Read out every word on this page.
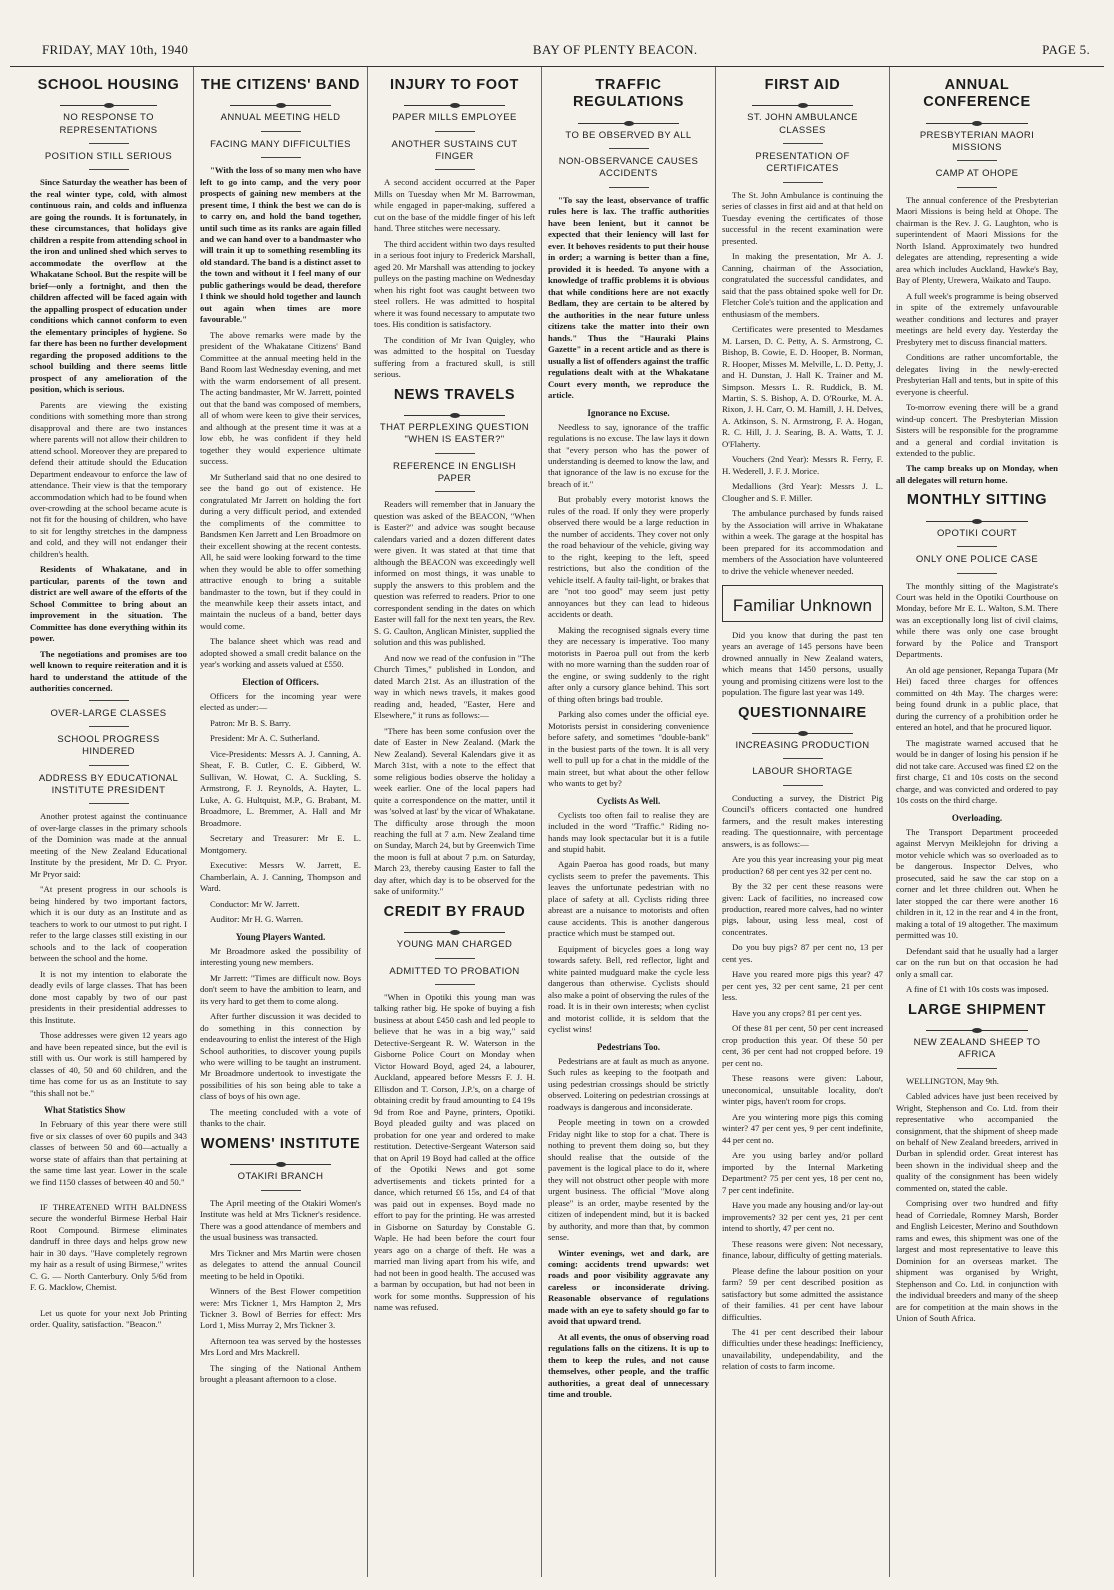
FRIDAY, MAY 10th, 1940	BAY OF PLENTY BEACON.	PAGE 5.
SCHOOL HOUSING
NO RESPONSE TO REPRESENTATIONS
POSITION STILL SERIOUS

Since Saturday the weather has been of the real winter type, cold, with almost continuous rain, and colds and influenza are going the rounds. It is fortunately, in these circumstances, that holidays give children a respite from attending school in the iron and unlined shed which serves to accommodate the overflow at the Whakatane School. But the respite will be brief—only a fortnight, and then the children affected will be faced again with the appalling prospect of education under conditions which cannot conform to even the elementary principles of hygiene. So far there has been no further development regarding the proposed additions to the school building and there seems little prospect of any amelioration of the position, which is serious.

Parents are viewing the existing conditions with something more than strong disapproval and there are two instances where parents will not allow their children to attend school. Moreover they are prepared to defend their attitude should the Education Department endeavour to enforce the law of attendance. Their view is that the temporary accommodation which had to be found when over-crowding at the school became acute is not fit for the housing of children, who have to sit for lengthy stretches in the dampness and cold, and they will not endanger their children's health.

Residents of Whakatane, and in particular, parents of the town and district are well aware of the efforts of the School Committee to bring about an improvement in the situation. The Committee has done everything within its power.

The negotiations and promises are too well known to require reiteration and it is hard to understand the attitude of the authorities concerned.

OVER-LARGE CLASSES
SCHOOL PROGRESS HINDERED
ADDRESS BY EDUCATIONAL INSTITUTE PRESIDENT

Another protest against the continuance of over-large classes in the primary schools of the Dominion was made at the annual meeting of the New Zealand Educational Institute by the president, Mr D. C. Pryor. Mr Pryor said:

"At present progress in our schools is being hindered by two important factors, which it is our duty as an Institute and as teachers to work to our utmost to put right. I refer to the large classes still existing in our schools and to the lack of cooperation between the school and the home.

It is not my intention to elaborate the deadly evils of large classes. That has been done most capably by two of our past presidents in their presidential addresses to this Institute.

Those addresses were given 12 years ago and have been repeated since, but the evil is still with us. Our work is still hampered by classes of 40, 50 and 60 children, and the time has come for us as an Institute to say "this shall not be."

What Statistics Show

In February of this year there were still five or six classes of over 60 pupils and 343 classes of between 50 and 60—actually a worse state of affairs than that pertaining at the same time last year. Lower in the scale we find 1150 classes of between 40 and 50."

IF THREATENED WITH BALDNESS secure the wonderful Birmese Herbal Hair Root Compound. Birmese eliminates dandruff in three days and helps grow new hair in 30 days. "Have completely regrown my hair as a result of using Birmese," writes C. G. — North Canterbury. Only 5/6d from F. G. Macklow, Chemist.

Let us quote for your next Job Printing order. Quality, satisfaction. "Beacon."

THE CITIZENS' BAND
ANNUAL MEETING HELD
FACING MANY DIFFICULTIES

"With the loss of so many men who have left to go into camp, and the very poor prospects of gaining new members at the present time, I think the best we can do is to carry on, and hold the band together, until such time as its ranks are again filled and we can hand over to a bandmaster who will train it up to something resembling its old standard. The band is a distinct asset to the town and without it I feel many of our public gatherings would be dead, therefore I think we should hold together and launch out again when times are more favourable."

The above remarks were made by the president of the Whakatane Citizens' Band Committee at the annual meeting held in the Band Room last Wednesday evening, and met with the warm endorsement of all present. The acting bandmaster, Mr W. Jarrett, pointed out that the band was composed of members, all of whom were keen to give their services, and although at the present time it was at a low ebb, he was confident if they held together they would experience ultimate success.

Mr Sutherland said that no one desired to see the band go out of existence. He congratulated Mr Jarrett on holding the fort during a very difficult period, and extended the compliments of the committee to Bandsmen Ken Jarrett and Len Broadmore on their excellent showing at the recent contests. All, he said were looking forward to the time when they would be able to offer something attractive enough to bring a suitable bandmaster to the town, but if they could in the meanwhile keep their assets intact, and maintain the nucleus of a band, better days would come.

The balance sheet which was read and adopted showed a small credit balance on the year's working and assets valued at £550.

Election of Officers.

Officers for the incoming year were elected as under:—

Patron: Mr B. S. Barry.

President: Mr A. C. Sutherland.

Vice-Presidents: Messrs A. J. Canning, A. Sheat, F. B. Cutler, C. E. Gibberd, W. Sullivan, W. Howat, C. A. Suckling, S. Armstrong, F. J. Reynolds, A. Hayter, L. Luke, A. G. Hultquist, M.P., G. Brabant, M. Broadmore, L. Bremmer, A. Hall and Mr Broadmore.

Secretary and Treasurer: Mr E. L. Montgomery.

Executive: Messrs W. Jarrett, E. Chamberlain, A. J. Canning, Thompson and Ward.

Conductor: Mr W. Jarrett.

Auditor: Mr H. G. Warren.

Young Players Wanted.

Mr Broadmore asked the possibility of interesting young new members.

Mr Jarrett: "Times are difficult now. Boys don't seem to have the ambition to learn, and its very hard to get them to come along.

After further discussion it was decided to do something in this connection by endeavouring to enlist the interest of the High School authorities, to discover young pupils who were willing to be taught an instrument. Mr Broadmore undertook to investigate the possibilities of his son being able to take a class of boys of his own age.

The meeting concluded with a vote of thanks to the chair.

WOMENS' INSTITUTE
OTAKIRI BRANCH

The April meeting of the Otakiri Women's Institute was held at Mrs Tickner's residence. There was a good attendance of members and the usual business was transacted.

Mrs Tickner and Mrs Martin were chosen as delegates to attend the annual Council meeting to be held in Opotiki.

Winners of the Best Flower competition were: Mrs Tickner 1, Mrs Hampton 2, Mrs Tickner 3. Bowl of Berries for effect: Mrs Lord 1, Miss Murray 2, Mrs Tickner 3.

Afternoon tea was served by the hostesses Mrs Lord and Mrs Mackrell.

The singing of the National Anthem brought a pleasant afternoon to a close.

INJURY TO FOOT
PAPER MILLS EMPLOYEE
ANOTHER SUSTAINS CUT FINGER

A second accident occurred at the Paper Mills on Tuesday when Mr M. Barrowman, while engaged in paper-making, suffered a cut on the base of the middle finger of his left hand. Three stitches were necessary.

The third accident within two days resulted in a serious foot injury to Frederick Marshall, aged 20. Mr Marshall was attending to jockey pulleys on the pasting machine on Wednesday when his right foot was caught between two steel rollers. He was admitted to hospital where it was found necessary to amputate two toes. His condition is satisfactory.

The condition of Mr Ivan Quigley, who was admitted to the hospital on Tuesday suffering from a fractured skull, is still serious.

NEWS TRAVELS
THAT PERPLEXING QUESTION "WHEN IS EASTER?"
REFERENCE IN ENGLISH PAPER

Readers will remember that in January the question was asked of the BEACON, "When is Easter?" and advice was sought because calendars varied and a dozen different dates were given. It was stated at that time that although the BEACON was exceedingly well informed on most things, it was unable to supply the answers to this problem and the question was referred to readers. Prior to one correspondent sending in the dates on which Easter will fall for the next ten years, the Rev. S. G. Caulton, Anglican Minister, supplied the solution and this was published.

And now we read of the confusion in "The Church Times," published in London, and dated March 21st. As an illustration of the way in which news travels, it makes good reading and, headed, "Easter, Here and Elsewhere," it runs as follows:—

"There has been some confusion over the date of Easter in New Zealand. (Mark the New Zealand). Several Kalendars give it as March 31st, with a note to the effect that some religious bodies observe the holiday a week earlier. One of the local papers had quite a correspondence on the matter, until it was 'solved at last' by the vicar of Whakatane. The difficulty arose through the moon reaching the full at 7 a.m. New Zealand time on Sunday, March 24, but by Greenwich Time the moon is full at about 7 p.m. on Saturday, March 23, thereby causing Easter to fall the day after, which day is to be observed for the sake of uniformity."

CREDIT BY FRAUD
YOUNG MAN CHARGED
ADMITTED TO PROBATION

"When in Opotiki this young man was talking rather big. He spoke of buying a fish business at about £450 cash and led people to believe that he was in a big way," said Detective-Sergeant R. W. Waterson in the Gisborne Police Court on Monday when Victor Howard Boyd, aged 24, a labourer, Auckland, appeared before Messrs F. J. H. Ellisdon and T. Corson, J.P.'s, on a charge of obtaining credit by fraud amounting to £4 19s 9d from Roe and Payne, printers, Opotiki. Boyd pleaded guilty and was placed on probation for one year and ordered to make restitution. Detective-Sergeant Waterson said that on April 19 Boyd had called at the office of the Opotiki News and got some advertisements and tickets printed for a dance, which returned £6 15s, and £4 of that was paid out in expenses. Boyd made no effort to pay for the printing. He was arrested in Gisborne on Saturday by Constable G. Waple. He had been before the court four years ago on a charge of theft. He was a married man living apart from his wife, and had not been in good health. The accused was a barman by occupation, but had not been in work for some months. Suppression of his name was refused.

TRAFFIC REGULATIONS
TO BE OBSERVED BY ALL
NON-OBSERVANCE CAUSES ACCIDENTS

"To say the least, observance of traffic rules here is lax. The traffic authorities have been lenient, but it cannot be expected that their leniency will last for ever. It behoves residents to put their house in order; a warning is better than a fine, provided it is heeded. To anyone with a knowledge of traffic problems it is obvious that while conditions here are not exactly Bedlam, they are certain to be altered by the authorities in the near future unless citizens take the matter into their own hands." Thus the "Hauraki Plains Gazette" in a recent article and as there is usually a list of offenders against the traffic regulations dealt with at the Whakatane Court every month, we reproduce the article.

Ignorance no Excuse.

Needless to say, ignorance of the traffic regulations is no excuse. The law lays it down that "every person who has the power of understanding is deemed to know the law, and that ignorance of the law is no excuse for the breach of it."

But probably every motorist knows the rules of the road. If only they were properly observed there would be a large reduction in the number of accidents. They cover not only the road behaviour of the vehicle, giving way to the right, keeping to the left, speed restrictions, but also the condition of the vehicle itself. A faulty tail-light, or brakes that are "not too good" may seem just petty annoyances but they can lead to hideous accidents or death.

Making the recognised signals every time they are necessary is imperative. Too many motorists in Paeroa pull out from the kerb with no more warning than the sudden roar of the engine, or swing suddenly to the right after only a cursory glance behind. This sort of thing often brings bad trouble.

Parking also comes under the official eye. Motorists persist in considering convenience before safety, and sometimes "double-bank" in the busiest parts of the town. It is all very well to pull up for a chat in the middle of the main street, but what about the other fellow who wants to get by?

Cyclists As Well.

Cyclists too often fail to realise they are included in the word "Traffic." Riding no-hands may look spectacular but it is a futile and stupid habit.

Again Paeroa has good roads, but many cyclists seem to prefer the pavements. This leaves the unfortunate pedestrian with no place of safety at all. Cyclists riding three abreast are a nuisance to motorists and often cause accidents. This is another dangerous practice which must be stamped out.

Equipment of bicycles goes a long way towards safety. Bell, red reflector, light and white painted mudguard make the cycle less dangerous than otherwise. Cyclists should also make a point of observing the rules of the road. It is in their own interests; when cyclist and motorist collide, it is seldom that the cyclist wins!

Pedestrians Too.

Pedestrians are at fault as much as anyone. Such rules as keeping to the footpath and using pedestrian crossings should be strictly observed. Loitering on pedestrian crossings at roadways is dangerous and inconsiderate.

People meeting in town on a crowded Friday night like to stop for a chat. There is nothing to prevent them doing so, but they should realise that the outside of the pavement is the logical place to do it, where they will not obstruct other people with more urgent business. The official "Move along please" is an order, maybe resented by the citizen of independent mind, but it is backed by authority, and more than that, by common sense.

Winter evenings, wet and dark, are coming: accidents trend upwards: wet roads and poor visibility aggravate any careless or inconsiderate driving. Reasonable observance of regulations made with an eye to safety should go far to avoid that upward trend.

At all events, the onus of observing road regulations falls on the citizens. It is up to them to keep the rules, and not cause themselves, other people, and the traffic authorities, a great deal of unnecessary time and trouble.

FIRST AID
ST. JOHN AMBULANCE CLASSES
PRESENTATION OF CERTIFICATES

The St. John Ambulance is continuing the series of classes in first aid and at that held on Tuesday evening the certificates of those successful in the recent examination were presented.

In making the presentation, Mr A. J. Canning, chairman of the Association, congratulated the successful candidates, and said that the pass obtained spoke well for Dr. Fletcher Cole's tuition and the application and enthusiasm of the members.

Certificates were presented to Mesdames M. Larsen, D. C. Petty, A. S. Armstrong, C. Bishop, B. Cowie, E. D. Hooper, B. Norman, R. Hooper, Misses M. Melville, L. D. Petty, J. and H. Dunstan, J. Hall K. Trainer and M. Simpson. Messrs L. R. Ruddick, B. M. Martin, S. S. Bishop, A. D. O'Rourke, M. A. Rixon, J. H. Carr, O. M. Hamill, J. H. Delves, A. Atkinson, S. N. Armstrong, F. A. Hogan, R. C. Hill, J. J. Searing, B. A. Watts, T. J. O'Flaherty.

Vouchers (2nd Year): Messrs R. Ferry, F. H. Wederell, J. F. J. Morice.

Medallions (3rd Year): Messrs J. L. Clougher and S. F. Miller.

The ambulance purchased by funds raised by the Association will arrive in Whakatane within a week. The garage at the hospital has been prepared for its accommodation and members of the Association have volunteered to drive the vehicle whenever needed.

Familiar Unknown

Did you know that during the past ten years an average of 145 persons have been drowned annually in New Zealand waters, which means that 1450 persons, usually young and promising citizens were lost to the population. The figure last year was 149.

QUESTIONNAIRE
INCREASING PRODUCTION
LABOUR SHORTAGE

Conducting a survey, the District Pig Council's officers contacted one hundred farmers, and the result makes interesting reading. The questionnaire, with percentage answers, is as follows:—

Are you this year increasing your pig meat production? 68 per cent yes 32 per cent no.

By the 32 per cent these reasons were given: Lack of facilities, no increased cow production, reared more calves, had no winter pigs, labour, using less meal, cost of concentrates.

Do you buy pigs? 87 per cent no, 13 per cent yes.

Have you reared more pigs this year? 47 per cent yes, 32 per cent same, 21 per cent less.

Have you any crops? 81 per cent yes.

Of these 81 per cent, 50 per cent increased crop production this year. Of these 50 per cent, 36 per cent had not cropped before. 19 per cent no.

These reasons were given: Labour, uneconomical, unsuitable locality, don't winter pigs, haven't room for crops.

Are you wintering more pigs this coming winter? 47 per cent yes, 9 per cent indefinite, 44 per cent no.

Are you using barley and/or pollard imported by the Internal Marketing Department? 75 per cent yes, 18 per cent no, 7 per cent indefinite.

Have you made any housing and/or lay-out improvements? 32 per cent yes, 21 per cent intend to shortly, 47 per cent no.

These reasons were given: Not necessary, finance, labour, difficulty of getting materials.

Please define the labour position on your farm? 59 per cent described position as satisfactory but some admitted the assistance of their families. 41 per cent have labour difficulties.

The 41 per cent described their labour difficulties under these headings: Inefficiency, unavailability, undependability, and the relation of costs to farm income.

ANNUAL CONFERENCE
PRESBYTERIAN MAORI MISSIONS
CAMP AT OHOPE

The annual conference of the Presbyterian Maori Missions is being held at Ohope. The chairman is the Rev. J. G. Laughton, who is superintendent of Maori Missions for the North Island. Approximately two hundred delegates are attending, representing a wide area which includes Auckland, Hawke's Bay, Bay of Plenty, Urewera, Waikato and Taupo.

A full week's programme is being observed in spite of the extremely unfavourable weather conditions and lectures and prayer meetings are held every day. Yesterday the Presbytery met to discuss financial matters.

Conditions are rather uncomfortable, the delegates living in the newly-erected Presbyterian Hall and tents, but in spite of this everyone is cheerful.

To-morrow evening there will be a grand wind-up concert. The Presbyterian Mission Sisters will be responsible for the programme and a general and cordial invitation is extended to the public.

The camp breaks up on Monday, when all delegates will return home.

MONTHLY SITTING
OPOTIKI COURT
ONLY ONE POLICE CASE

The monthly sitting of the Magistrate's Court was held in the Opotiki Courthouse on Monday, before Mr E. L. Walton, S.M. There was an exceptionally long list of civil claims, while there was only one case brought forward by the Police and Transport Departments.

An old age pensioner, Repanga Tupara (Mr Hei) faced three charges for offences committed on 4th May. The charges were: being found drunk in a public place, that during the currency of a prohibition order he entered an hotel, and that he procured liquor.

The magistrate warned accused that he would be in danger of losing his pension if he did not take care. Accused was fined £2 on the first charge, £1 and 10s costs on the second charge, and was convicted and ordered to pay 10s costs on the third charge.

Overloading.

The Transport Department proceeded against Mervyn Meiklejohn for driving a motor vehicle which was so overloaded as to be dangerous. Inspector Delves, who prosecuted, said he saw the car stop on a corner and let three children out. When he later stopped the car there were another 16 children in it, 12 in the rear and 4 in the front, making a total of 19 altogether. The maximum permitted was 10.

Defendant said that he usually had a larger car on the run but on that occasion he had only a small car.

A fine of £1 with 10s costs was imposed.

LARGE SHIPMENT
NEW ZEALAND SHEEP TO AFRICA

WELLINGTON, May 9th.

Cabled advices have just been received by Wright, Stephenson and Co. Ltd. from their representative who accompanied the consignment, that the shipment of sheep made on behalf of New Zealand breeders, arrived in Durban in splendid order. Great interest has been shown in the individual sheep and the quality of the consignment has been widely commented on, stated the cable.

Comprising over two hundred and fifty head of Corriedale, Romney Marsh, Border and English Leicester, Merino and Southdown rams and ewes, this shipment was one of the largest and most representative to leave this Dominion for an overseas market. The shipment was organised by Wright, Stephenson and Co. Ltd. in conjunction with the individual breeders and many of the sheep are for competition at the main shows in the Union of South Africa.
